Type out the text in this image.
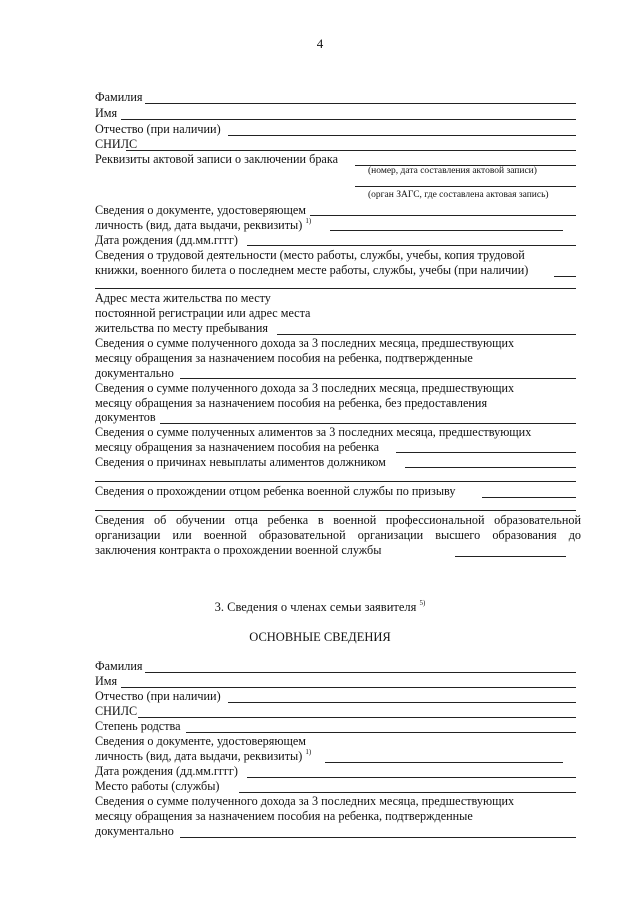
4
Фамилия
Имя
Отчество (при наличии)
СНИЛС
Реквизиты актовой записи о заключении брака
(номер, дата составления актовой записи)
(орган ЗАГС, где составлена актовая запись)
Сведения о документе, удостоверяющем
личность (вид, дата выдачи, реквизиты) $^{1)}$
Дата рождения (дд.мм.гггг)
Сведения о трудовой деятельности (место работы, службы, учебы, копия трудовой
книжки, военного билета о последнем месте работы, службы, учебы (при наличии)
Адрес места жительства по месту
постоянной регистрации или адрес места
жительства по месту пребывания
Сведения о сумме полученного дохода за 3 последних месяца, предшествующих
месяцу обращения за назначением пособия на ребенка, подтвержденные
документально
Сведения о сумме полученного дохода за 3 последних месяца, предшествующих
месяцу обращения за назначением пособия на ребенка, без предоставления
документов
Сведения о сумме полученных алиментов за 3 последних месяца, предшествующих
месяцу обращения за назначением пособия на ребенка
Сведения о причинах невыплаты алиментов должником
Сведения о прохождении отцом ребенка военной службы по призыву
Сведения об обучении отца ребенка в военной профессиональной образовательной организации или военной образовательной организации высшего образования до заключения контракта о прохождении военной службы
3. Сведения о членах семьи заявителя $^{5)}$
ОСНОВНЫЕ СВЕДЕНИЯ
Фамилия
Имя
Отчество (при наличии)
СНИЛС
Степень родства
Сведения о документе, удостоверяющем
личность (вид, дата выдачи, реквизиты) $^{1)}$
Дата рождения (дд.мм.гггг)
Место работы (службы)
Сведения о сумме полученного дохода за 3 последних месяца, предшествующих
месяцу обращения за назначением пособия на ребенка, подтвержденные
документально
